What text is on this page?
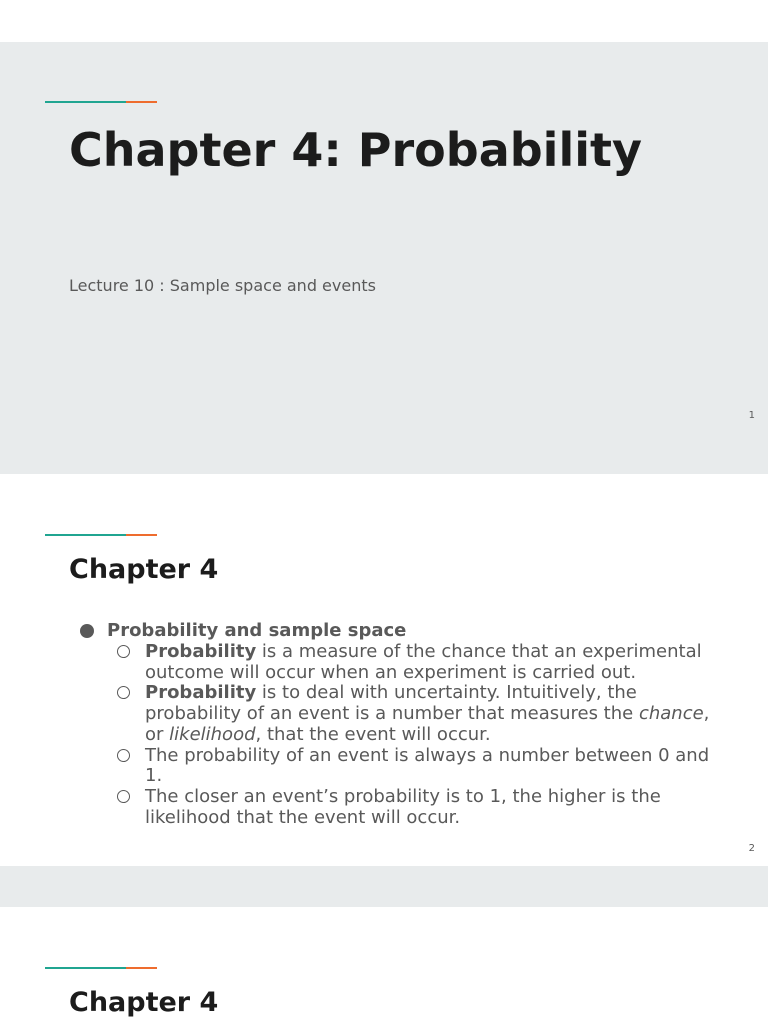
Chapter 4: Probability
Lecture 10 : Sample space and events
1
Chapter 4
Probability and sample space
Probability is a measure of the chance that an experimental outcome will occur when an experiment is carried out.
Probability is to deal with uncertainty. Intuitively, the probability of an event is a number that measures the chance, or likelihood, that the event will occur.
The probability of an event is always a number between 0 and 1.
The closer an event’s probability is to 1, the higher is the likelihood that the event will occur.
2
Chapter 4
